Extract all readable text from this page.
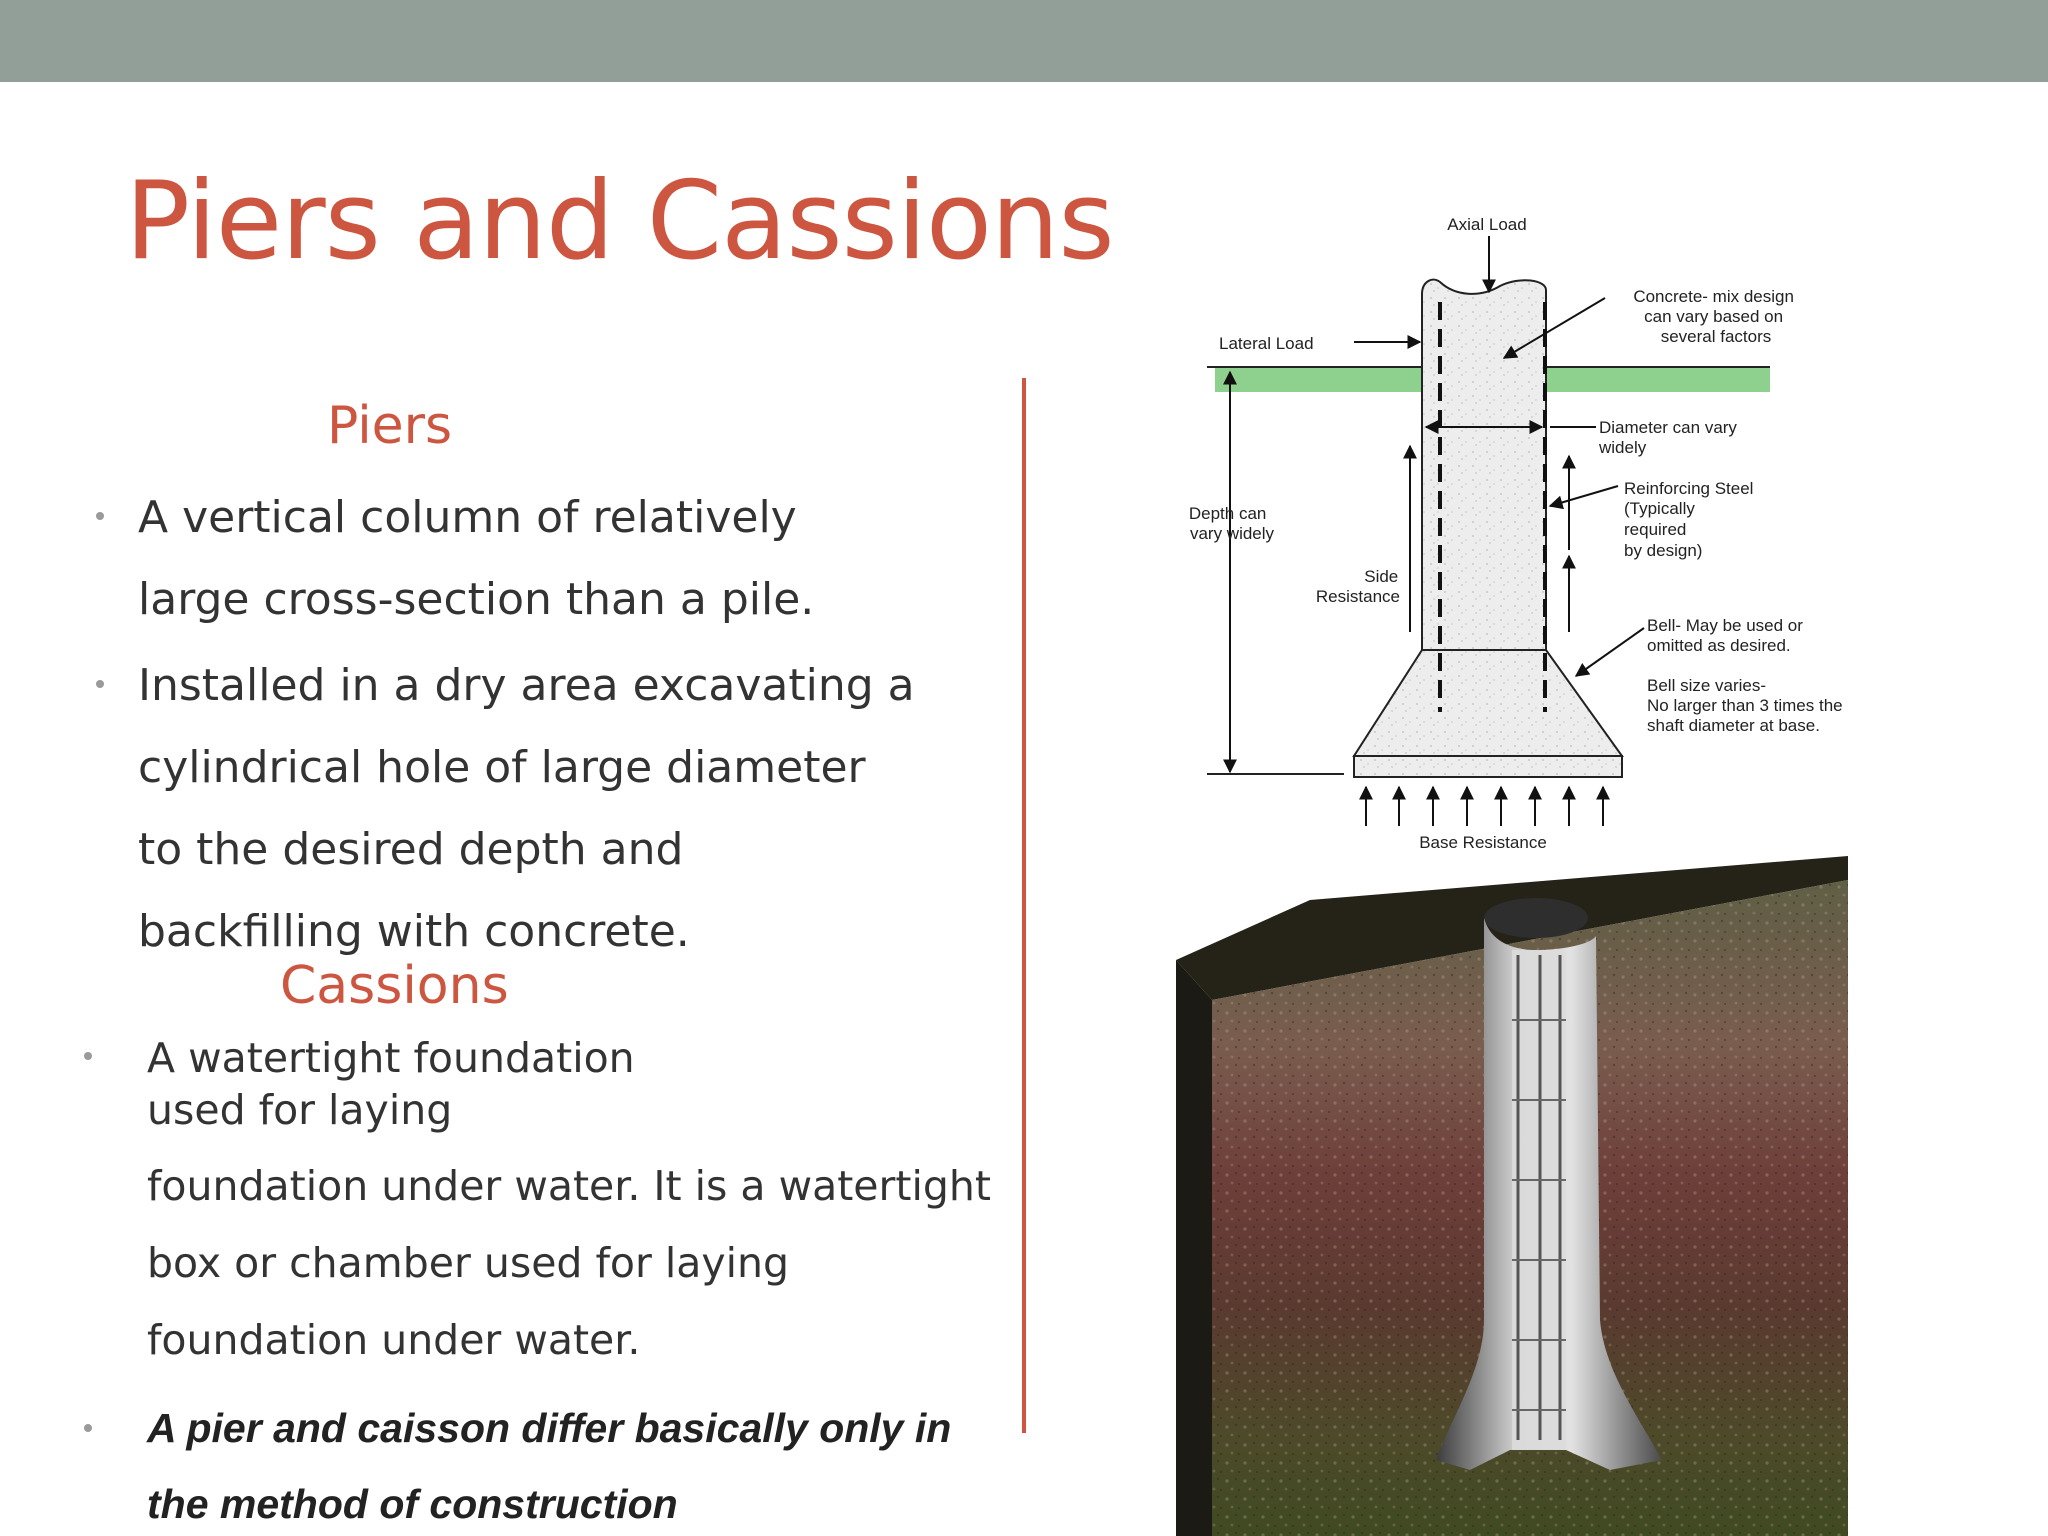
Piers and Cassions
Piers
A vertical column of relatively
large cross-section than a pile.
Installed in a dry area excavating a
cylindrical hole of large diameter
to the desired depth and
backfilling with concrete.
Cassions
A watertight foundation
used for laying
foundation under water. It is a watertight
box or chamber used for laying
foundation under water.
A pier and caisson differ basically only in
the method of construction
Axial Load
Lateral Load
Concrete- mix design can vary based on several factors
Diameter can vary widely
Reinforcing Steel (Typically required by design)
Depth can vary widely
Side Resistance
Bell- May be used or omitted as desired.
Bell size varies- No larger than 3 times the shaft diameter at base.
Base Resistance
